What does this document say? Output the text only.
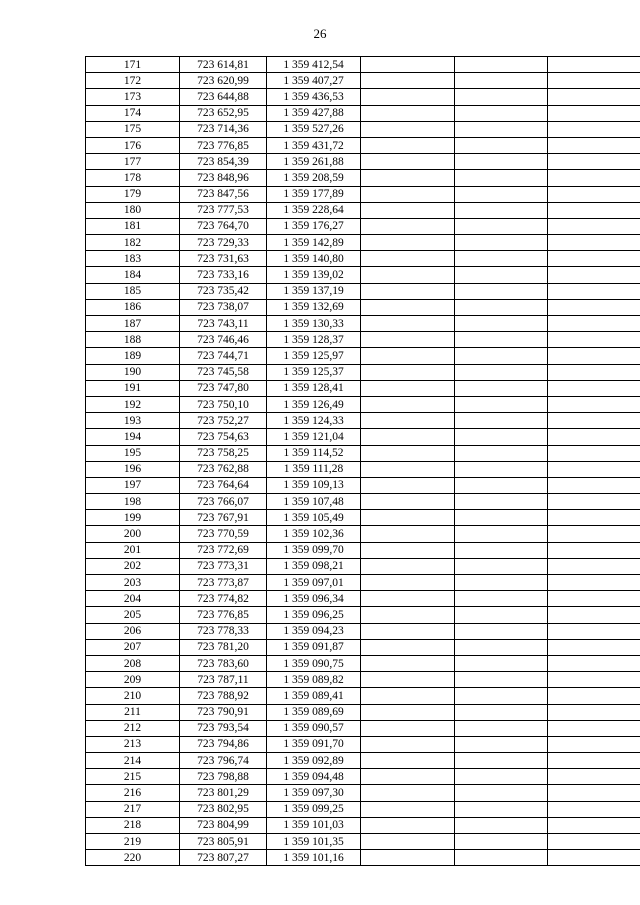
26
171	723 614,81	1 359 412,54			
172	723 620,99	1 359 407,27			
173	723 644,88	1 359 436,53			
174	723 652,95	1 359 427,88			
175	723 714,36	1 359 527,26			
176	723 776,85	1 359 431,72			
177	723 854,39	1 359 261,88			
178	723 848,96	1 359 208,59			
179	723 847,56	1 359 177,89			
180	723 777,53	1 359 228,64			
181	723 764,70	1 359 176,27			
182	723 729,33	1 359 142,89			
183	723 731,63	1 359 140,80			
184	723 733,16	1 359 139,02			
185	723 735,42	1 359 137,19			
186	723 738,07	1 359 132,69			
187	723 743,11	1 359 130,33			
188	723 746,46	1 359 128,37			
189	723 744,71	1 359 125,97			
190	723 745,58	1 359 125,37			
191	723 747,80	1 359 128,41			
192	723 750,10	1 359 126,49			
193	723 752,27	1 359 124,33			
194	723 754,63	1 359 121,04			
195	723 758,25	1 359 114,52			
196	723 762,88	1 359 111,28			
197	723 764,64	1 359 109,13			
198	723 766,07	1 359 107,48			
199	723 767,91	1 359 105,49			
200	723 770,59	1 359 102,36			
201	723 772,69	1 359 099,70			
202	723 773,31	1 359 098,21			
203	723 773,87	1 359 097,01			
204	723 774,82	1 359 096,34			
205	723 776,85	1 359 096,25			
206	723 778,33	1 359 094,23			
207	723 781,20	1 359 091,87			
208	723 783,60	1 359 090,75			
209	723 787,11	1 359 089,82			
210	723 788,92	1 359 089,41			
211	723 790,91	1 359 089,69			
212	723 793,54	1 359 090,57			
213	723 794,86	1 359 091,70			
214	723 796,74	1 359 092,89			
215	723 798,88	1 359 094,48			
216	723 801,29	1 359 097,30			
217	723 802,95	1 359 099,25			
218	723 804,99	1 359 101,03			
219	723 805,91	1 359 101,35			
220	723 807,27	1 359 101,16			
